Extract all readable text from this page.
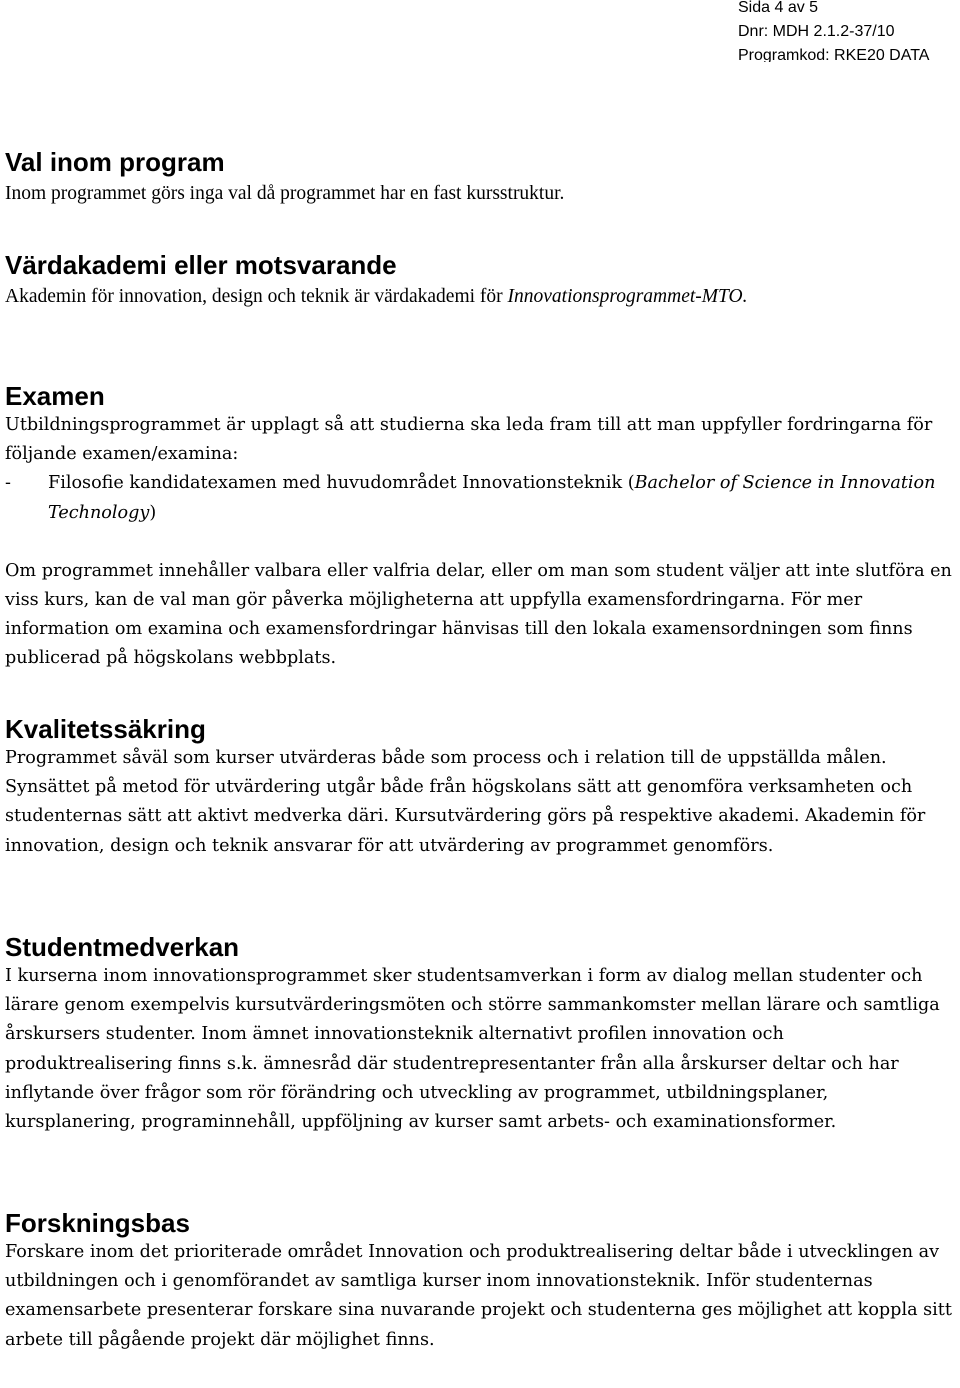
Sida 4 av 5
Dnr: MDH 2.1.2-37/10
Programkod: RKE20 DATA
Val inom program

Inom programmet görs inga val då programmet har en fast kursstruktur.

Värdakademi eller motsvarande

Akademin för innovation, design och teknik är värdakademi för Innovationsprogrammet-MTO.

Examen

Utbildningsprogrammet är upplagt så att studierna ska leda fram till att man uppfyller fordringarna för följande examen/examina:

-	Filosofie kandidatexamen med huvudområdet Innovationsteknik (Bachelor of Science in Innovation Technology)

Om programmet innehåller valbara eller valfria delar, eller om man som student väljer att inte slutföra en viss kurs, kan de val man gör påverka möjligheterna att uppfylla examensfordringarna. För mer information om examina och examensfordringar hänvisas till den lokala examensordningen som finns publicerad på högskolans webbplats.

Kvalitetssäkring

Programmet såväl som kurser utvärderas både som process och i relation till de uppställda målen. Synsättet på metod för utvärdering utgår både från högskolans sätt att genomföra verksamheten och studenternas sätt att aktivt medverka däri. Kursutvärdering görs på respektive akademi. Akademin för innovation, design och teknik ansvarar för att utvärdering av programmet genomförs.

Studentmedverkan

I kurserna inom innovationsprogrammet sker studentsamverkan i form av dialog mellan studenter och lärare genom exempelvis kursutvärderingsmöten och större sammankomster mellan lärare och samtliga årskursers studenter. Inom ämnet innovationsteknik alternativt profilen innovation och produktrealisering finns s.k. ämnesråd där studentrepresentanter från alla årskurser deltar och har inflytande över frågor som rör förändring och utveckling av programmet, utbildningsplaner, kursplanering, programinnehåll, uppföljning av kurser samt arbets- och examinationsformer.

Forskningsbas

Forskare inom det prioriterade området Innovation och produktrealisering deltar både i utvecklingen av utbildningen och i genomförandet av samtliga kurser inom innovationsteknik. Inför studenternas examensarbete presenterar forskare sina nuvarande projekt och studenterna ges möjlighet att koppla sitt arbete till pågående projekt där möjlighet finns.
